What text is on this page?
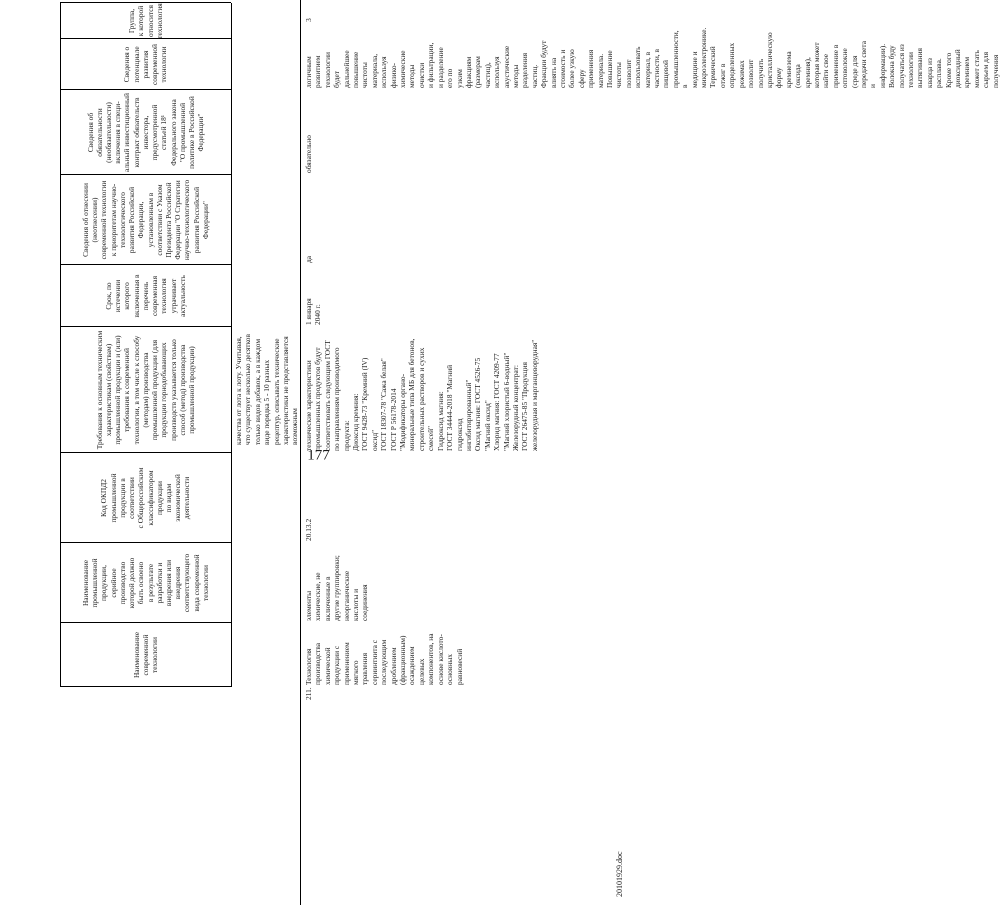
177
20101929.doc
Наименование
современной
технологии
Наименование
промышленной
продукции,
серийное
производство
которой должно
быть освоено
в результате
разработки и
внедрения или
внедрения
соответствующего
вида современной
технологии
Код ОКПД2
промышленной
продукции в
соответствии
с Общероссийским
классификатором
продукции
по видам
экономической
деятельности
Требования к основным техническим
характеристикам (свойствам)
промышленной продукции и (или)
требования к современной
технологии, в том числе к способу
(методам) производства
промышленной продукции (для
продукции горнодобывающих
производств указывается только
способ (метод) производства
промышленной продукции)
Срок, по
истечении
которого
включенная в
перечень
современная
технология
утрачивает
актуальность
Сведения об отнесении
(неотнесении)
современной технологии
к приоритетам научно-
технологического
развития Российской
Федерации,
установленным в
соответствии с Указом
Президента Российской
Федерации "О Стратегии
научно-технологического
развития Российской
Федерации"
Сведения об
обязательности
(необязательности)
включения в специ-
альный инвестиционный
контракт обязательств
инвестора,
предусмотренной
статьей 18¹
Федерального закона
"О промышленной
политике в Российской
Федерации"
Сведения о потенциале развития
современной технологии
Группа,
к которой
относится
технология
качества от лота к лоту. Учитывая,
что существует несколько десятков
только видов добавок, а в каждом
виде порядка 5 - 10 разных
рецептур, описывать технические
характеристики не представляется
возможным
211.
Технология
производства
химической
продукции с
применением
мягкого
травления
сериинтиита с
последующим
дроблением
(фракционным)
осаждением
целевых
компонентов, на
основе кислото-
основных
равновесий
элементы
химические, не
включенные в
другие группировки;
неорганические
кислоты и
соединения
20.13.2
технические характеристики
промышленных продуктов будут
соответствовать следующим ГОСТ
по направлениям производимого
продукта:
Диоксид кремния:
ГОСТ 9428-73 "Кремний (IV)
оксид"
ГОСТ 18307-78 "Сажа белая"
ГОСТ Р 56178-2014
"Модификаторы органо-
минеральные типа МБ для бетонов,
строительных растворов и сухих
смесей"
Гидроксид магния:
ГОСТ 34444-2018 "Магний
гидроксид
ингибитирированный"
Оксид магния: ГОСТ 4526-75
"Магний оксид"
Хлорид магния: ГОСТ 4209-77
"Магний хлористый 6-водный"
Железорудный концентрат:
ГОСТ 26475-85 "Продукция
железорудная и марганцеворудная"
1 января
2040 г.
да
обязательно
логичным развитием технологии
будет дальнейшее повышение
чистоты материала, используя
физико-химические методы очистки
и фильтрации, и разделение его по
узким фракциям (размерам частиц),
используя акустические методы
разделения частиц. Фракции будут
влиять на стоимость и более узкую
сферу применения материала.
Повышение чистоты позволит
использовать материал, в частности, в
пищевой промышленности, в
медицине и микроэлектронике.
Термический отжиг в определенных
режимах позволит получить
кристаллическую форму кремнезема
(оксида кремния), которая может
найти свое применение в оптоволокне
(среде для передачи света и
информации). Волокна буду
получаться из технологии
вытягивания кварца из расплава.
Кроме того диоксидный кремнием
может стать сырьем для получения
3
